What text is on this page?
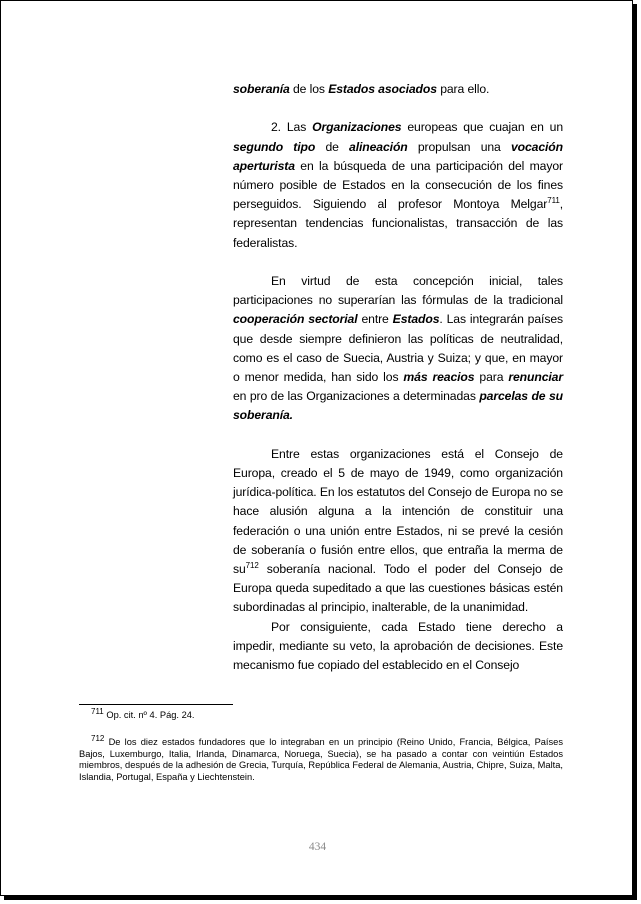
soberanía de los Estados asociados para ello.

2. Las Organizaciones europeas que cuajan en un segundo tipo de alineación propulsan una vocación aperturista en la búsqueda de una participación del mayor número posible de Estados en la consecución de los fines perseguidos. Siguiendo al profesor Montoya Melgar$^{711}$, representan tendencias funcionalistas, transacción de las federalistas.

En virtud de esta concepción inicial, tales participaciones no superarían las fórmulas de la tradicional cooperación sectorial entre Estados. Las integrarán países que desde siempre definieron las políticas de neutralidad, como es el caso de Suecia, Austria y Suiza; y que, en mayor o menor medida, han sido los más reacios para renunciar en pro de las Organizaciones a determinadas parcelas de su soberanía.

Entre estas organizaciones está el Consejo de Europa, creado el 5 de mayo de 1949, como organización jurídica-política. En los estatutos del Consejo de Europa no se hace alusión alguna a la intención de constituir una federación o una unión entre Estados, ni se prevé la cesión de soberanía o fusión entre ellos, que entraña la merma de $su^{712}$ soberanía nacional. Todo el poder del Consejo de Europa queda supeditado a que las cuestiones básicas estén subordinadas al principio, inalterable, de la unanimidad.

Por consiguiente, cada Estado tiene derecho a impedir, mediante su veto, la aprobación de decisiones. Este mecanismo fue copiado del establecido en el Consejo

$^{711}$ Op. cit. nº 4. Pág. 24.

$^{712}$ De los diez estados fundadores que lo integraban en un principio (Reino Unido, Francia, Bélgica, Países Bajos, Luxemburgo, Italia, Irlanda, Dinamarca, Noruega, Suecia), se ha pasado a contar con veintiún Estados miembros, después de la adhesión de Grecia, Turquía, República Federal de Alemania, Austria, Chipre, Suiza, Malta, Islandia, Portugal, España y Liechtenstein.

434
